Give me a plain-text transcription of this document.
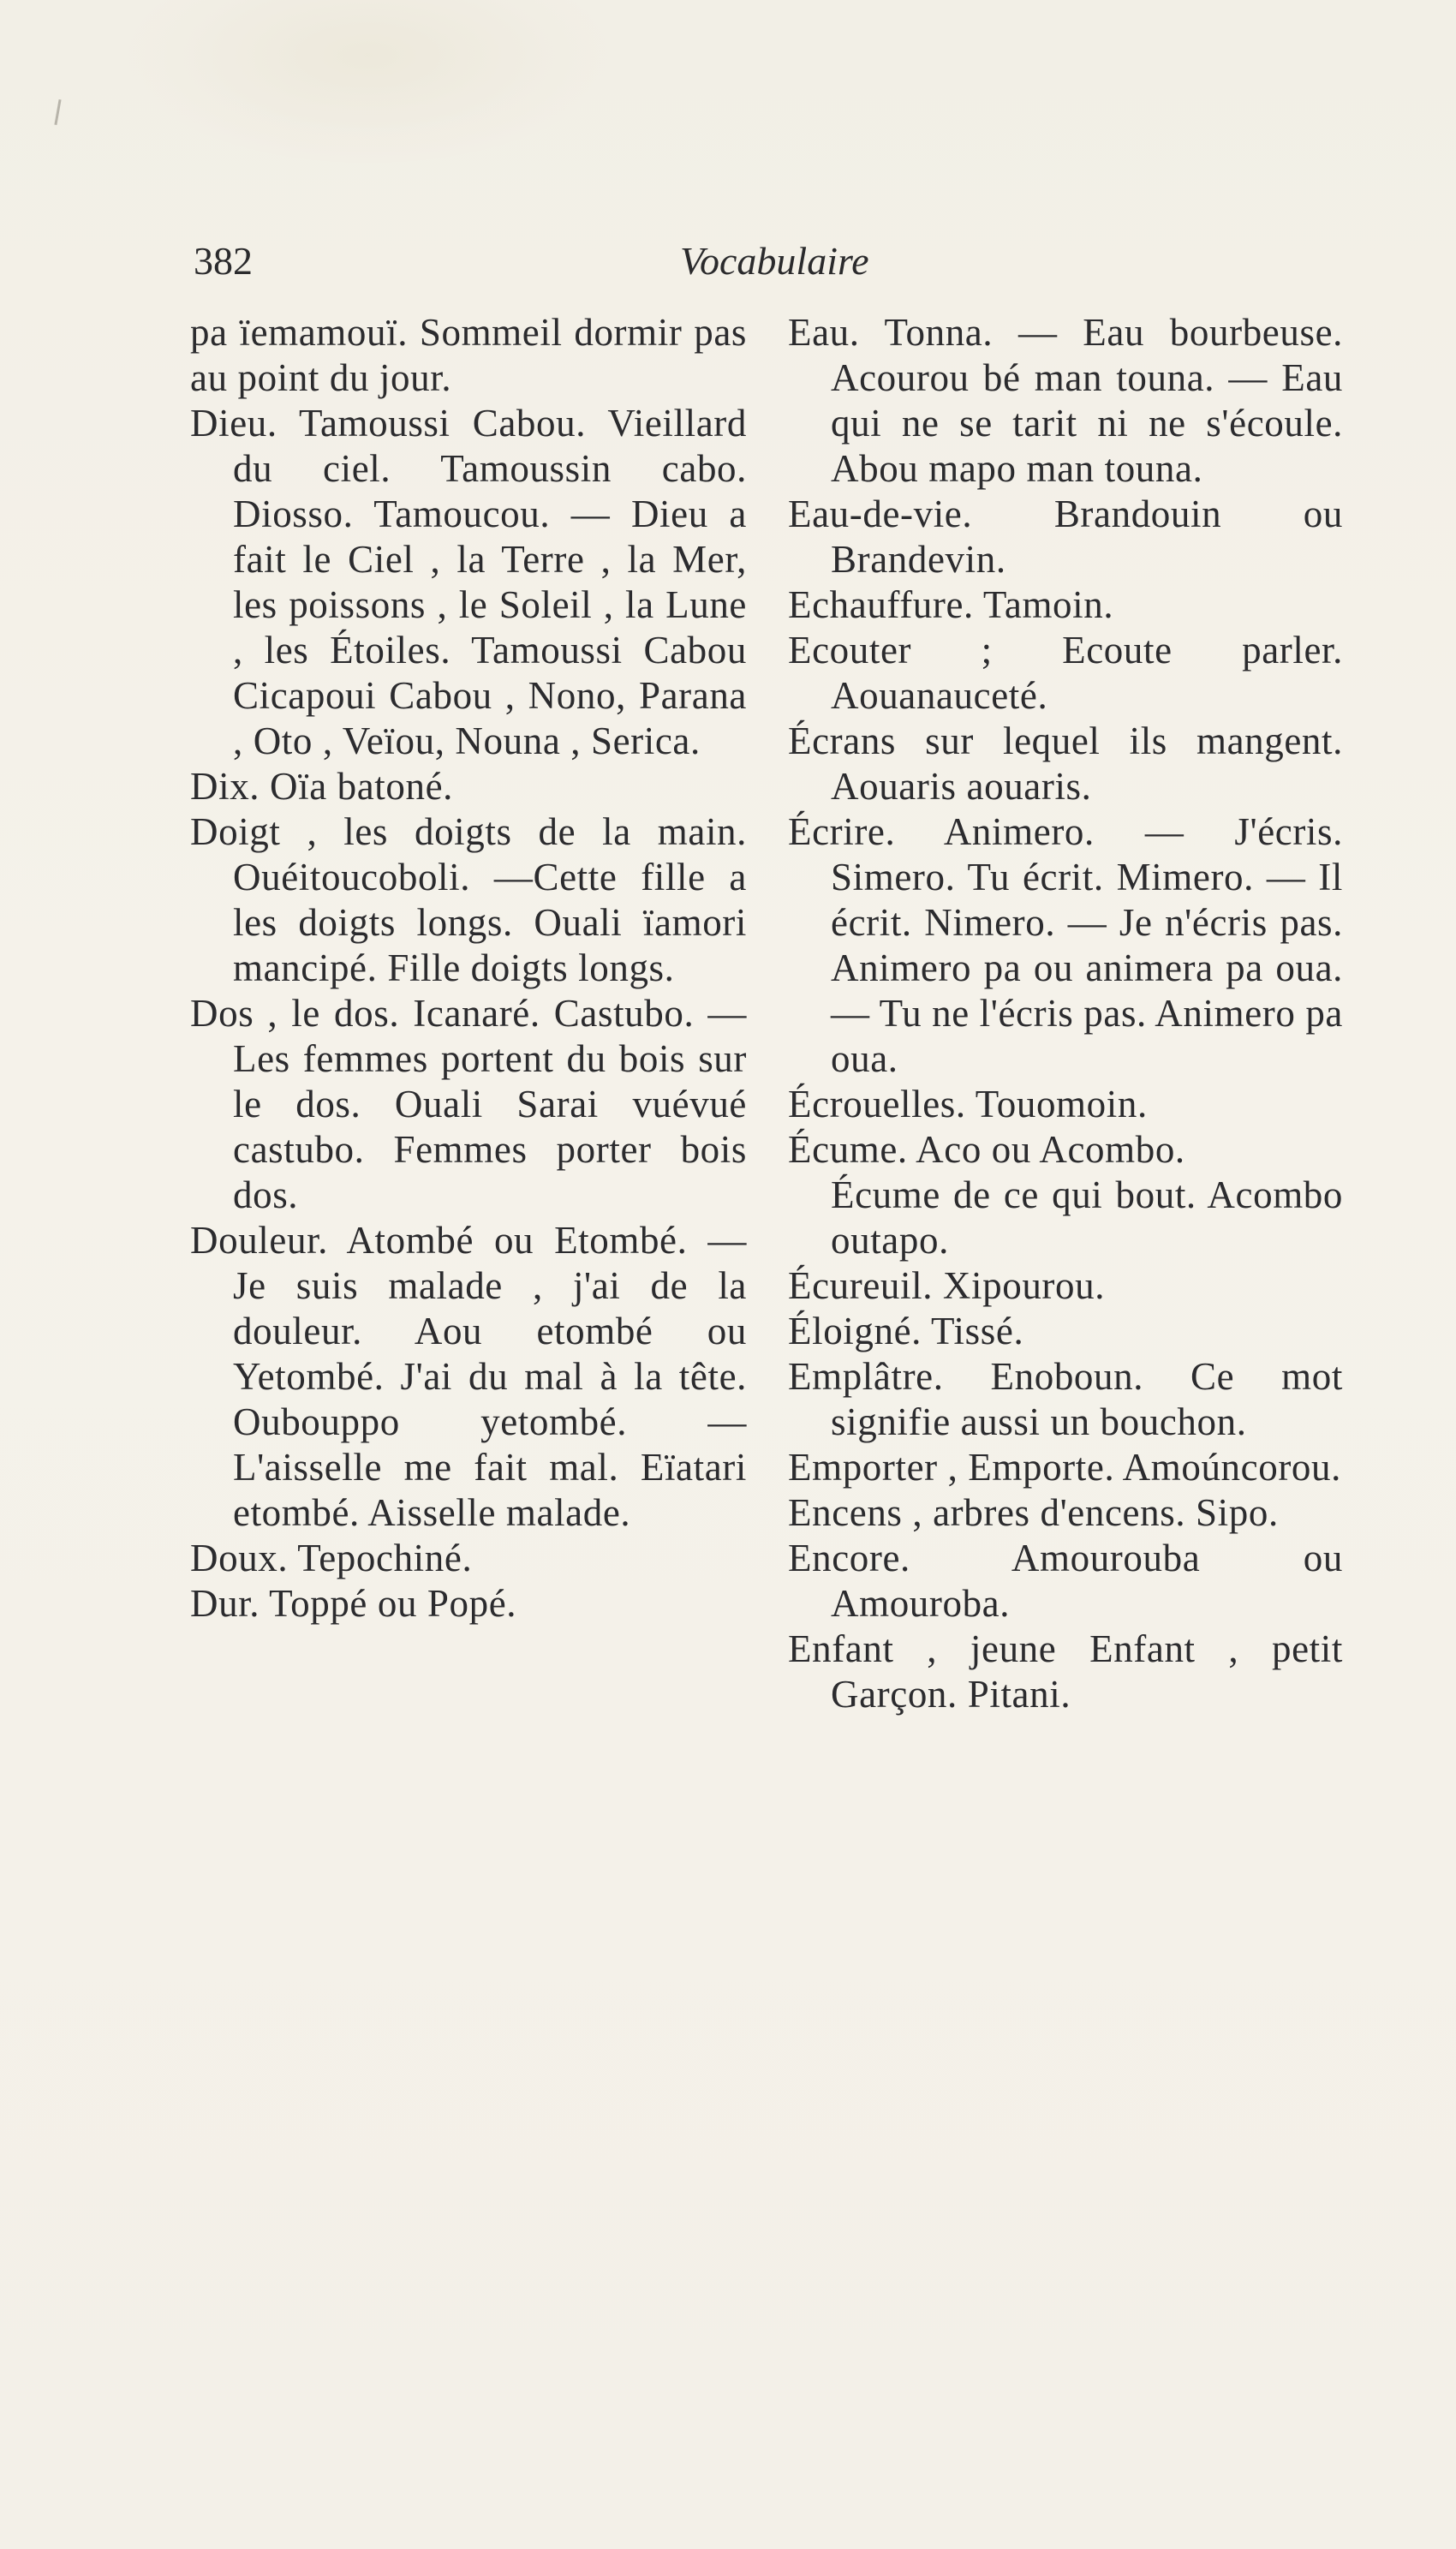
382	Vocabulaire
pa ïemamouï. Sommeil dormir pas au point du jour.
Dieu. Tamoussi Cabou. Vieillard du ciel. Tamoussin cabo. Diosso. Tamoucou. — Dieu a fait le Ciel , la Terre , la Mer, les poissons , le Soleil , la Lune , les Étoiles. Tamoussi Cabou Cicapoui Cabou , Nono, Parana , Oto , Veïou, Nouna , Serica.
Dix. Oïa batoné.
Doigt , les doigts de la main. Ouéitoucoboli. —Cette fille a les doigts longs. Ouali ïamori mancipé. Fille doigts longs.
Dos , le dos. Icanaré. Castubo. — Les femmes portent du bois sur le dos. Ouali Sarai vuévué castubo. Femmes porter bois dos.
Douleur. Atombé ou Etombé. — Je suis malade , j'ai de la douleur. Aou etombé ou Yetombé. J'ai du mal à la tête. Oubouppo yetombé. — L'aisselle me fait mal. Eïatari etombé. Aisselle malade.
Doux. Tepochiné.
Dur. Toppé ou Popé.
Eau. Tonna. — Eau bourbeuse. Acourou bé man touna. — Eau qui ne se tarit ni ne s'écoule. Abou mapo man touna.
Eau-de-vie. Brandouin ou Brandevin.
Echauffure. Tamoin.
Ecouter ; Ecoute parler. Aouanauceté.
Écrans sur lequel ils mangent. Aouaris aouaris.
Écrire. Animero. — J'écris. Simero. Tu écrit. Mimero. — Il écrit. Nimero. — Je n'écris pas. Animero pa ou animera pa oua. — Tu ne l'écris pas. Animero pa oua.
Écrouelles. Touomoin.
Écume. Aco ou Acombo.
Écume de ce qui bout. Acombo outapo.
Écureuil. Xipourou.
Éloigné. Tissé.
Emplâtre. Enoboun. Ce mot signifie aussi un bouchon.
Emporter , Emporte. Amoúncorou.
Encens , arbres d'encens. Sipo.
Encore. Amourouba ou Amouroba.
Enfant , jeune Enfant , petit Garçon. Pitani.
